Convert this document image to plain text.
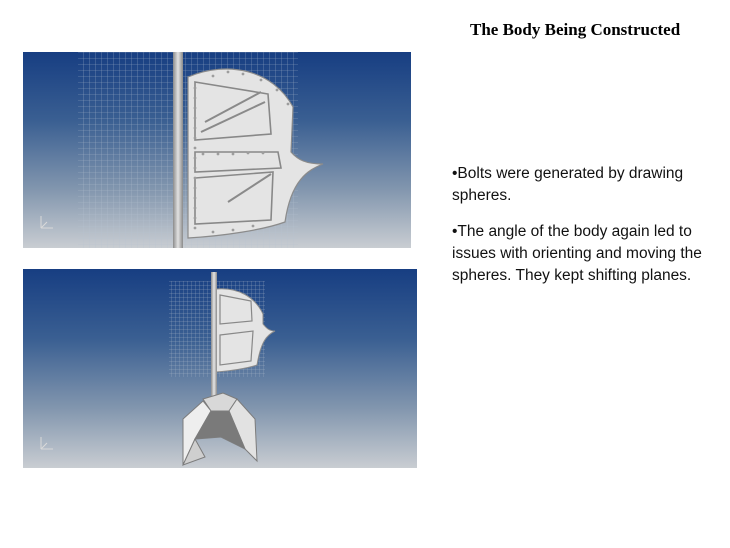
The Body Being Constructed

•Bolts were generated by drawing spheres.

•The angle of the body again led to issues with orienting and moving the spheres. They kept shifting planes.
